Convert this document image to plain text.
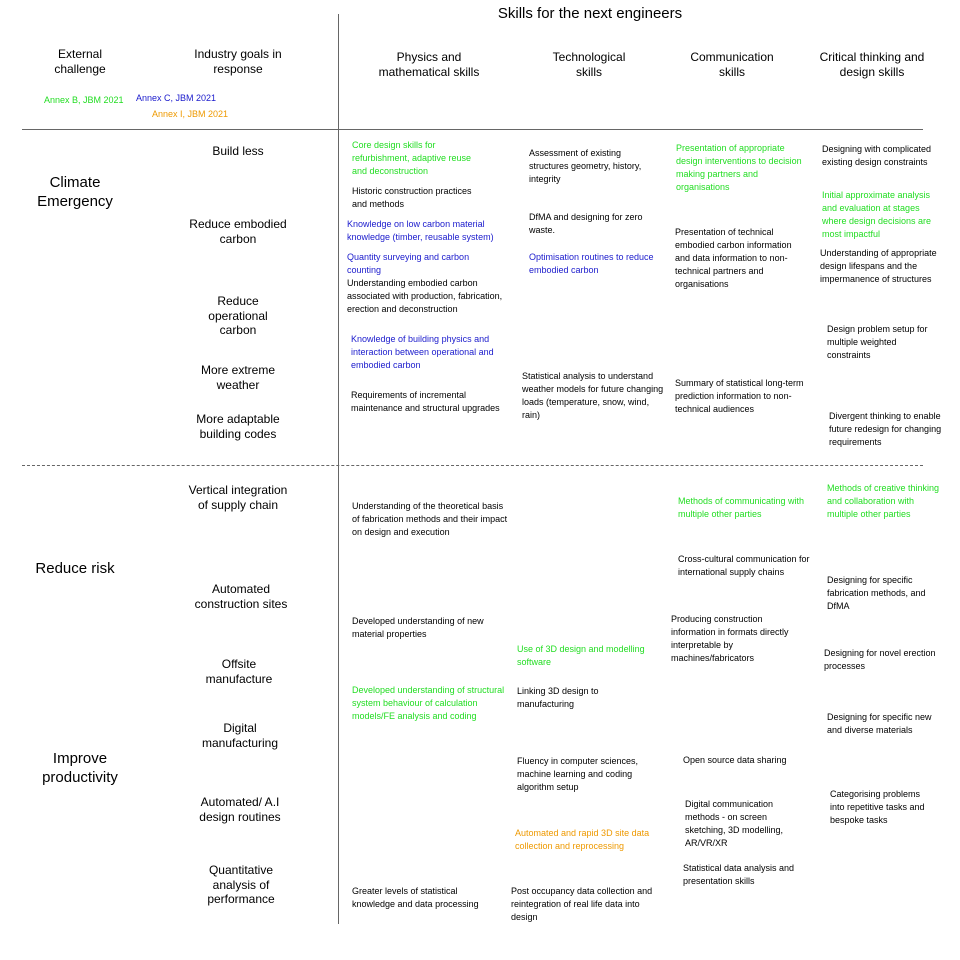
Skills for the next engineers
External challenge
Industry goals in response
Physics and mathematical skills
Technological skills
Communication skills
Critical thinking and design skills
Annex B, JBM 2021 Annex C, JBM 2021
Annex I, JBM 2021
Climate Emergency
Reduce risk
Improve productivity
Build less
Reduce embodied carbon
Reduce operational carbon
More extreme weather
More adaptable building codes
Vertical integration of supply chain
Automated construction sites
Offsite manufacture
Digital manufacturing
Automated/ A.I design routines
Quantitative analysis of performance
Core design skills for refurbishment, adaptive reuse and deconstruction
Historic construction practices and methods
Knowledge on low carbon material knowledge (timber, reusable system)
Quantity surveying and carbon counting
Understanding embodied carbon associated with production, fabrication, erection and deconstruction
Knowledge of building physics and interaction between operational and embodied carbon
Requirements of incremental maintenance and structural upgrades
Understanding of the theoretical basis of fabrication methods and their impact on design and execution
Developed understanding of new material properties
Developed understanding of structural system behaviour of calculation models/FE analysis and coding
Greater levels of statistical knowledge and data processing
Assessment of existing structures geometry, history, integrity
DfMA and designing for zero waste.
Optimisation routines to reduce embodied carbon
Statistical analysis to understand weather models for future changing loads (temperature, snow, wind, rain)
Use of 3D design and modelling software
Linking 3D design to manufacturing
Fluency in computer sciences, machine learning and coding algorithm setup
Automated and rapid 3D site data collection and reprocessing
Post occupancy data collection and reintegration of real life data into design
Presentation of appropriate design interventions to decision making partners and organisations
Presentation of technical embodied carbon information and data information to non-technical partners and organisations
Summary of statistical long-term prediction information to non-technical audiences
Methods of communicating with multiple other parties
Cross-cultural communication for international supply chains
Producing construction information in formats directly interpretable by machines/fabricators
Open source data sharing
Digital communication methods - on screen sketching, 3D modelling, AR/VR/XR
Statistical data analysis and presentation skills
Designing with complicated existing design constraints
Initial approximate analysis and evaluation at stages where design decisions are most impactful
Understanding of appropriate design lifespans and the impermanence of structures
Design problem setup for multiple weighted constraints
Divergent thinking to enable future redesign for changing requirements
Methods of creative thinking and collaboration with multiple other parties
Designing for specific fabrication methods, and DfMA
Designing for novel erection processes
Designing for specific new and diverse materials
Categorising problems into repetitive tasks and bespoke tasks
